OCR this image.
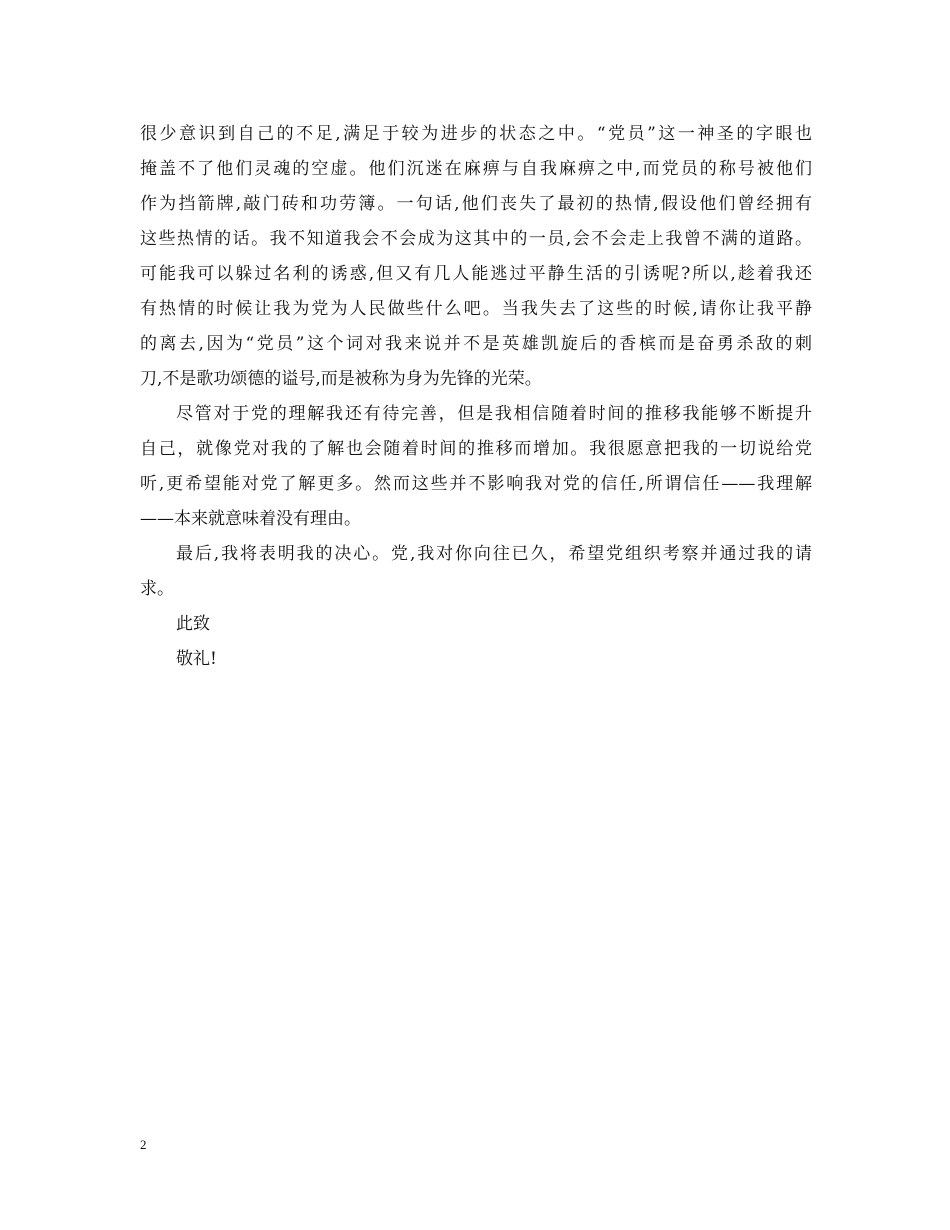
很少意识到自己的不足,满足于较为进步的状态之中。“党员”这一神圣的字眼也
掩盖不了他们灵魂的空虚。他们沉迷在麻痹与自我麻痹之中,而党员的称号被他们
作为挡箭牌,敲门砖和功劳簿。一句话,他们丧失了最初的热情,假设他们曾经拥有
这些热情的话。我不知道我会不会成为这其中的一员,会不会走上我曾不满的道路。
可能我可以躲过名利的诱惑,但又有几人能逃过平静生活的引诱呢?所以,趁着我还
有热情的时候让我为党为人民做些什么吧。当我失去了这些的时候,请你让我平静
的离去,因为“党员”这个词对我来说并不是英雄凯旋后的香槟而是奋勇杀敌的刺
刀,不是歌功颂德的谥号,而是被称为身为先锋的光荣。
尽管对于党的理解我还有待完善，但是我相信随着时间的推移我能够不断提升
自己，就像党对我的了解也会随着时间的推移而增加。我很愿意把我的一切说给党
听,更希望能对党了解更多。然而这些并不影响我对党的信任,所谓信任——我理解
——本来就意味着没有理由。
最后,我将表明我的决心。党,我对你向往已久，希望党组织考察并通过我的请
求。
此致
敬礼!
2
